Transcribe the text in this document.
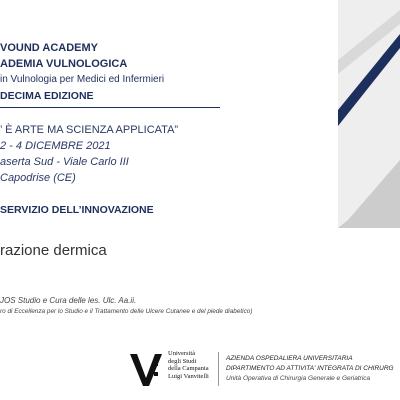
VOUND ACADEMY
ADEMIA VULNOLOGICA
in Vulnologia per Medici ed Infermieri
DECIMA EDIZIONE
’ È ARTE MA SCIENZA APPLICATA”
2 - 4 DICEMBRE 2021
aserta Sud - Viale Carlo III
Capodrise (CE)
SERVIZIO DELL’INNOVAZIONE
razione dermica
JOS Studio e Cura delle les. Ulc. Aa.ii.
ro di Eccellenza per lo Studio e il Trattamento delle Ulcere Cutanee e del piede diabetico)
Università
degli Studi
della Campania
Luigi Vanvitelli
AZIENDA OSPEDALIERA UNIVERSITARIA
DIPARTIMENTO AD ATTIVITA' INTEGRATA DI CHIRURG
Unità Operativa di Chirurgia Generale e Geriatrica
